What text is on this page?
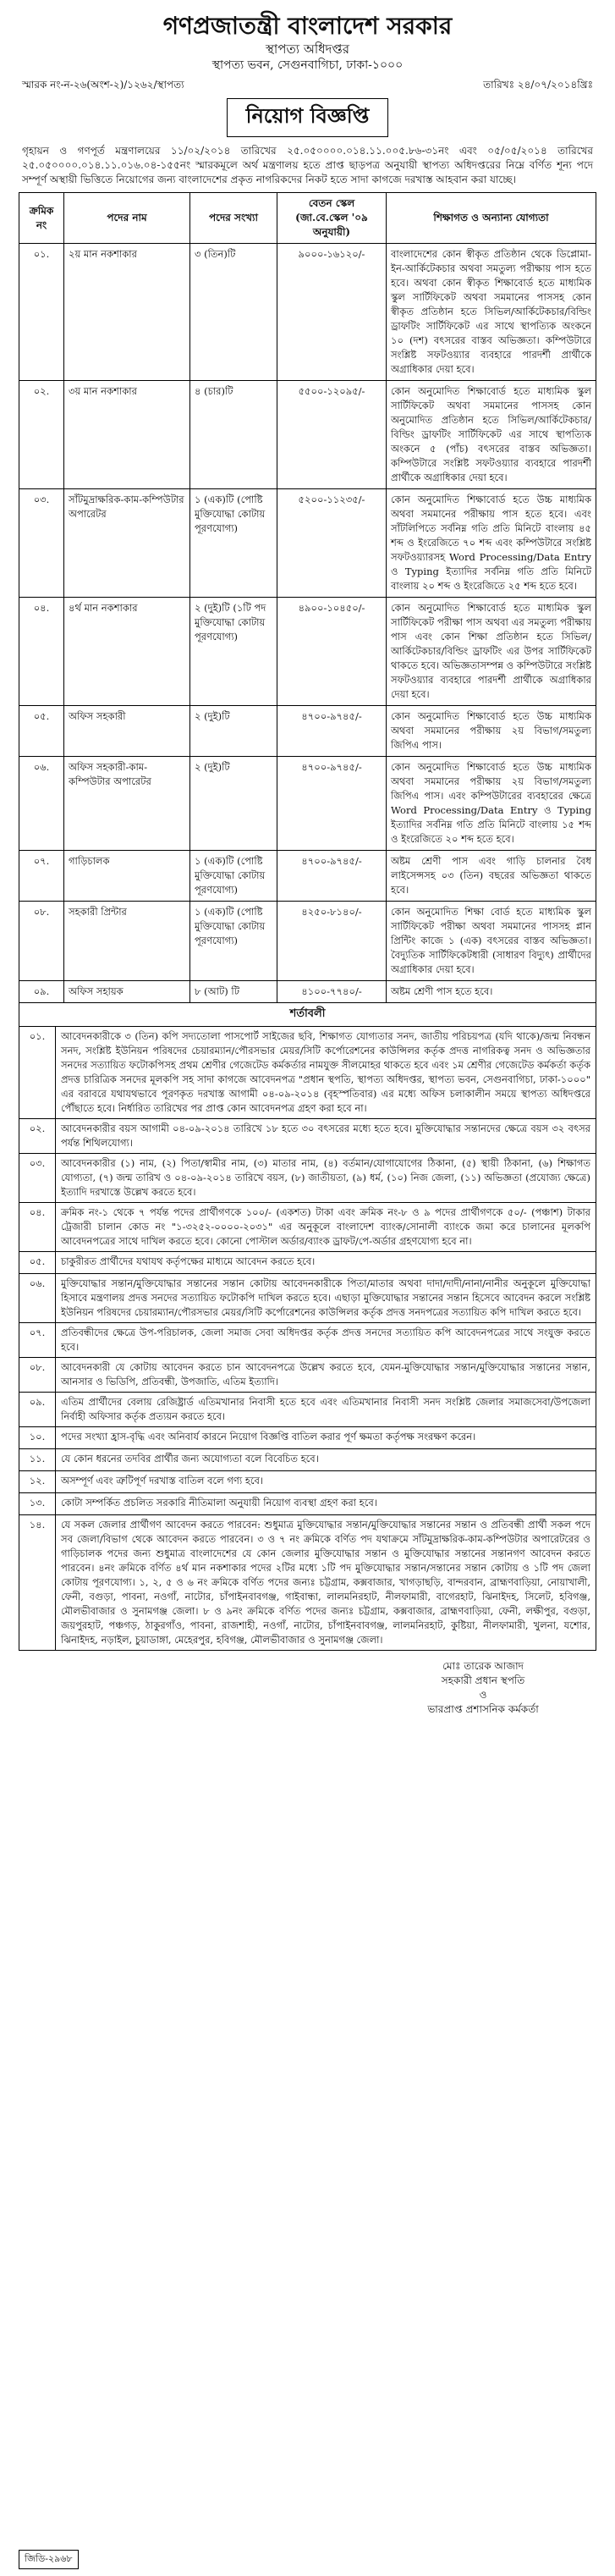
গণপ্রজাতন্ত্রী বাংলাদেশ সরকার
স্থাপত্য অধিদপ্তর
স্থাপত্য ভবন, সেগুনবাগিচা, ঢাকা-১০০০
স্মারক নং-ন-২৬(অংশ-২)/১২৬২/স্থাপত্য	তারিখঃ ২৪/০৭/২০১৪খ্রিঃ
নিয়োগ বিজ্ঞপ্তি
গৃহায়ন ও গণপূর্ত মন্ত্রণালয়ের ১১/০২/২০১৪ তারিখের ২৫.০৫০০০০.০১৪.১১.০০৫.৮৬-৩১নং এবং ০৫/০৫/২০১৪ তারিখের ২৫.০৫০০০০.০১৪.১১.০১৬.০৪-১৫৫নং স্মারকমূলে অর্থ মন্ত্রণালয় হতে প্রাপ্ত ছাড়পত্র অনুযায়ী স্থাপত্য অধিদপ্তরের নিম্নে বর্ণিত শূন্য পদে সম্পূর্ণ অস্থায়ী ভিত্তিতে নিয়োগের জন্য বাংলাদেশের প্রকৃত নাগরিকদের নিকট হতে সাদা কাগজে দরখাস্ত আহবান করা যাচ্ছে।
ক্রমিক নং	পদের নাম	পদের সংখ্যা	বেতন স্কেল (জা.বে.স্কেল '০৯ অনুযায়ী)	শিক্ষাগত ও অন্যান্য যোগ্যতা
০১.	২য় মান নকশাকার	৩ (তিন)টি	৯০০০-১৬১২০/-	বাংলাদেশের কোন স্বীকৃত প্রতিষ্ঠান থেকে ডিপ্লোমা-ইন-আর্কিটেকচার অথবা সমতুল্য পরীক্ষায় পাস হতে হবে। অথবা কোন স্বীকৃত শিক্ষাবোর্ড হতে মাধ্যমিক স্কুল সার্টিফিকেট অথবা সমমানের পাসসহ কোন স্বীকৃত প্রতিষ্ঠান হতে সিভিল/আর্কিটেকচার/বিল্ডিং ড্রাফটিং সার্টিফিকেট এর সাথে স্থাপত্যিক অংকনে ১০ (দশ) বৎসরের বাস্তব অভিজ্ঞতা। কম্পিউটারে সংশ্লিষ্ট সফটওয়্যার ব্যবহারে পারদর্শী প্রার্থীকে অগ্রাধিকার দেয়া হবে।
০২.	৩য় মান নকশাকার	৪ (চার)টি	৫৫০০-১২০৯৫/-	কোন অনুমোদিত শিক্ষাবোর্ড হতে মাধ্যমিক স্কুল সার্টিফিকেট অথবা সমমানের পাসসহ কোন অনুমোদিত প্রতিষ্ঠান হতে সিভিল/আর্কিটেকচার/বিল্ডিং ড্রাফটিং সার্টিফিকেট এর সাথে স্থাপত্যিক অংকনে ৫ (পাঁচ) বৎসরের বাস্তব অভিজ্ঞতা। কম্পিউটারে সংশ্লিষ্ট সফটওয়্যার ব্যবহারে পারদর্শী প্রার্থীকে অগ্রাধিকার দেয়া হবে।
০৩.	সাঁটমুদ্রাক্ষরিক-কাম-কম্পিউটার অপারেটর	১ (এক)টি (পোষ্টি মুক্তিযোদ্ধা কোটায় পূরণযোগ্য)	৫২০০-১১২৩৫/-	কোন অনুমোদিত শিক্ষাবোর্ড হতে উচ্চ মাধ্যমিক অথবা সমমানের পরীক্ষায় পাস হতে হবে। এবং সাঁটলিপিতে সর্বনিম্ন গতি প্রতি মিনিটে বাংলায় ৪৫ শব্দ ও ইংরেজিতে ৭০ শব্দ এবং কম্পিউটারে সংশ্লিষ্ট সফটওয়্যারসহ Word Processing/Data Entry ও Typing ইত্যাদির সর্বনিম্ন গতি প্রতি মিনিটে বাংলায় ২০ শব্দ ও ইংরেজিতে ২৫ শব্দ হতে হবে।
০৪.	৪র্থ মান নকশাকার	২ (দুই)টি (১টি পদ মুক্তিযোদ্ধা কোটায় পূরণযোগ্য)	৪৯০০-১০৪৫০/-	কোন অনুমোদিত শিক্ষাবোর্ড হতে মাধ্যমিক স্কুল সার্টিফিকেট পরীক্ষা পাস অথবা এর সমতুল্য পরীক্ষায় পাস এবং কোন শিক্ষা প্রতিষ্ঠান হতে সিভিল/আর্কিটেকচার/বিল্ডিং ড্রাফটিং এর উপর সার্টিফিকেট থাকতে হবে। অভিজ্ঞতাসম্পন্ন ও কম্পিউটারে সংশ্লিষ্ট সফটওয়্যার ব্যবহারে পারদর্শী প্রার্থীকে অগ্রাধিকার দেয়া হবে।
০৫.	অফিস সহকারী	২ (দুই)টি	৪৭০০-৯৭৪৫/-	কোন অনুমোদিত শিক্ষাবোর্ড হতে উচ্চ মাধ্যমিক অথবা সমমানের পরীক্ষায় ২য় বিভাগ/সমতুল্য জিপিএ পাস।
০৬.	অফিস সহকারী-কাম-কম্পিউটার অপারেটর	২ (দুই)টি	৪৭০০-৯৭৪৫/-	কোন অনুমোদিত শিক্ষাবোর্ড হতে উচ্চ মাধ্যমিক অথবা সমমানের পরীক্ষায় ২য় বিভাগ/সমতুল্য জিপিএ পাস। এবং কম্পিউটারের ব্যবহারের ক্ষেত্রে Word Processing/Data Entry ও Typing ইত্যাদির সর্বনিম্ন গতি প্রতি মিনিটে বাংলায় ১৫ শব্দ ও ইংরেজিতে ২০ শব্দ হতে হবে।
০৭.	গাড়িচালক	১ (এক)টি (পোষ্টি মুক্তিযোদ্ধা কোটায় পূরণযোগ্য)	৪৭০০-৯৭৪৫/-	অষ্টম শ্রেণী পাস এবং গাড়ি চালনার বৈধ লাইসেন্সসহ ০৩ (তিন) বছরের অভিজ্ঞতা থাকতে হবে।
০৮.	সহকারী প্রিন্টার	১ (এক)টি (পোষ্টি মুক্তিযোদ্ধা কোটায় পূরণযোগ্য)	৪২৫০-৮১৪০/-	কোন অনুমোদিত শিক্ষা বোর্ড হতে মাধ্যমিক স্কুল সার্টিফিকেট পরীক্ষা অথবা সমমানের পাসসহ প্লান প্রিন্টিং কাজে ১ (এক) বৎসরের বাস্তব অভিজ্ঞতা। বৈদ্যুতিক সার্টিফিকেটধারী (সাধারণ বিদ্যুৎ) প্রার্থীদের অগ্রাধিকার দেয়া হবে।
০৯.	অফিস সহায়ক	৮ (আট) টি	৪১০০-৭৭৪০/-	অষ্টম শ্রেণী পাস হতে হবে।
শর্তাবলী
০১.	আবেদনকারীকে ৩ (তিন) কপি সদ্যতোলা পাসপোর্ট সাইজের ছবি, শিক্ষাগত যোগ্যতার সনদ, জাতীয় পরিচয়পত্র (যদি থাকে)/জন্ম নিবন্ধন সনদ, সংশ্লিষ্ট ইউনিয়ন পরিষদের চেয়ারম্যান/পৌরসভার মেয়র/সিটি কর্পোরেশনের কাউন্সিলর কর্তৃক প্রদত্ত নাগরিকত্ব সনদ ও অভিজ্ঞতার সনদের সত্যায়িত ফটোকপিসহ প্রথম শ্রেণীর গেজেটেড কর্মকর্তার নামযুক্ত সীলমোহর থাকতে হবে এবং ১ম শ্রেণীর গেজেটেড কর্মকর্তা কর্তৃক প্রদত্ত চারিত্রিক সনদের মূলকপি সহ সাদা কাগজে আবেদনপত্র "প্রধান স্থপতি, স্থাপত্য অধিদপ্তর, স্থাপত্য ভবন, সেগুনবাগিচা, ঢাকা-১০০০" এর বরাবরে যথাযথভাবে পূরণকৃত দরখাস্ত আগামী ০৪-০৯-২০১৪ (বৃহস্পতিবার) এর মধ্যে অফিস চলাকালীন সময়ে স্থাপত্য অধিদপ্তরে পৌঁছাতে হবে। নির্ধারিত তারিখের পর প্রাপ্ত কোন আবেদনপত্র গ্রহণ করা হবে না।
০২.	আবেদনকারীর বয়স আগামী ০৪-০৯-২০১৪ তারিখে ১৮ হতে ৩০ বৎসরের মধ্যে হতে হবে। মুক্তিযোদ্ধার সন্তানদের ক্ষেত্রে বয়স ৩২ বৎসর পর্যন্ত শিথিলযোগ্য।
০৩.	আবেদনকারীর (১) নাম, (২) পিতা/স্বামীর নাম, (৩) মাতার নাম, (৪) বর্তমান/যোগাযোগের ঠিকানা, (৫) স্থায়ী ঠিকানা, (৬) শিক্ষাগত যোগ্যতা, (৭) জন্ম তারিখ ও ০৪-০৯-২০১৪ তারিখে বয়স, (৮) জাতীয়তা, (৯) ধর্ম, (১০) নিজ জেলা, (১১) অভিজ্ঞতা (প্রযোজ্য ক্ষেত্রে) ইত্যাদি দরখাস্তে উল্লেখ করতে হবে।
০৪.	ক্রমিক নং-১ থেকে ৭ পর্যন্ত পদের প্রার্থীগণকে ১০০/- (একশত) টাকা এবং ক্রমিক নং-৮ ও ৯ পদের প্রার্থীগণকে ৫০/- (পঞ্চাশ) টাকার ট্রেজারী চালান কোড নং "১-৩২৫২-০০০০-২০৩১" এর অনুকূলে বাংলাদেশ ব্যাংক/সোনালী ব্যাংকে জমা করে চালানের মূলকপি আবেদনপত্রের সাথে দাখিল করতে হবে। কোনো পোস্টাল অর্ডার/ব্যাংক ড্রাফট/পে-অর্ডার গ্রহণযোগ্য হবে না।
০৫.	চাকুরীরত প্রার্থীদের যথাযথ কর্তৃপক্ষের মাধ্যমে আবেদন করতে হবে।
০৬.	মুক্তিযোদ্ধার সন্তান/মুক্তিযোদ্ধার সন্তানের সন্তান কোটায় আবেদনকারীকে পিতা/মাতার অথবা দাদা/দাদী/নানা/নানীর অনুকূলে মুক্তিযোদ্ধা হিসাবে মন্ত্রণালয় প্রদত্ত সনদের সত্যায়িত ফটোকপি দাখিল করতে হবে। এছাড়া মুক্তিযোদ্ধার সন্তানের সন্তান হিসেবে আবেদন করলে সংশ্লিষ্ট ইউনিয়ন পরিষদের চেয়ারম্যান/পৌরসভার মেয়র/সিটি কর্পোরেশনের কাউন্সিলর কর্তৃক প্রদত্ত সনদপত্রের সত্যায়িত কপি দাখিল করতে হবে।
০৭.	প্রতিবন্ধীদের ক্ষেত্রে উপ-পরিচালক, জেলা সমাজ সেবা অধিদপ্তর কর্তৃক প্রদত্ত সনদের সত্যায়িত কপি আবেদনপত্রের সাথে সংযুক্ত করতে হবে।
০৮.	আবেদনকারী যে কোটায় আবেদন করতে চান আবেদনপত্রে উল্লেখ করতে হবে, যেমন-মুক্তিযোদ্ধার সন্তান/মুক্তিযোদ্ধার সন্তানের সন্তান, আনসার ও ভিডিপি, প্রতিবন্ধী, উপজাতি, এতিম ইত্যাদি।
০৯.	এতিম প্রার্থীদের বেলায় রেজিষ্ট্রার্ড এতিমখানার নিবাসী হতে হবে এবং এতিমখানার নিবাসী সনদ সংশ্লিষ্ট জেলার সমাজসেবা/উপজেলা নির্বাহী অফিসার কর্তৃক প্রত্যয়ন করতে হবে।
১০.	পদের সংখ্যা হ্রাস-বৃদ্ধি এবং অনিবার্য কারনে নিয়োগ বিজ্ঞপ্তি বাতিল করার পূর্ণ ক্ষমতা কর্তৃপক্ষ সংরক্ষণ করেন।
১১.	যে কোন ধরনের তদবির প্রার্থীর জন্য অযোগ্যতা বলে বিবেচিত হবে।
১২.	অসম্পূর্ণ এবং ত্রুটিপূর্ণ দরখাস্ত বাতিল বলে গণ্য হবে।
১৩.	কোটা সম্পর্কিত প্রচলিত সরকারি নীতিমালা অনুযায়ী নিয়োগ ব্যবস্থা গ্রহণ করা হবে।
১৪.	যে সকল জেলার প্রার্থীগণ আবেদন করতে পারবেন: শুধুমাত্র মুক্তিযোদ্ধার সন্তান/মুক্তিযোদ্ধার সন্তানের সন্তান ও প্রতিবন্ধী প্রার্থী সকল পদে সব জেলা/বিভাগ থেকে আবেদন করতে পারবেন। ৩ ও ৭ নং ক্রমিকে বর্ণিত পদ যথাক্রমে সাঁটমুদ্রাক্ষরিক-কাম-কম্পিউটার অপারেটরের ও গাড়িচালক পদের জন্য শুধুমাত্র বাংলাদেশের যে কোন জেলার মুক্তিযোদ্ধার সন্তান ও মুক্তিযোদ্ধার সন্তানের সন্তানগণ আবেদন করতে পারবেন। ৪নং ক্রমিকে বর্ণিত ৪র্থ মান নকশাকার পদের ২টির মধ্যে ১টি পদ মুক্তিযোদ্ধার সন্তান/সন্তানের সন্তান কোটায় ও ১টি পদ জেলা কোটায় পূরণযোগ্য। ১, ২, ৫ ও ৬ নং ক্রমিকে বর্ণিত পদের জন্যঃ চট্টগ্রাম, কক্সবাজার, খাগড়াছড়ি, বান্দরবান, ব্রাহ্মণবাড়িয়া, নোয়াখালী, ফেনী, বগুড়া, পাবনা, নওগাঁ, নাটোর, চাঁপাইনবাবগঞ্জ, গাইবান্ধা, লালমনিরহাট, নীলফামারী, বাগেরহাট, ঝিনাইদহ, সিলেট, হবিগঞ্জ, মৌলভীবাজার ও সুনামগঞ্জ জেলা। ৮ ও ৯নং ক্রমিকে বর্ণিত পদের জন্যঃ চট্টগ্রাম, কক্সবাজার, ব্রাহ্মণবাড়িয়া, ফেনী, লক্ষীপুর, বগুড়া, জয়পুরহাট, পঞ্চগড়, ঠাকুরগাঁও, পাবনা, রাজশাহী, নওগাঁ, নাটোর, চাঁপাইনবাবগঞ্জ, লালমনিরহাট, কুষ্টিয়া, নীলফামারী, খুলনা, যশোর, ঝিনাইদহ, নড়াইল, চুয়াডাঙ্গা, মেহেরপুর, হবিগঞ্জ, মৌলভীবাজার ও সুনামগঞ্জ জেলা।
মোঃ তারেক আজাদ
সহকারী প্রধান স্থপতি
ও
ভারপ্রাপ্ত প্রশাসনিক কর্মকর্তা
জিডি-২৯৬৮
